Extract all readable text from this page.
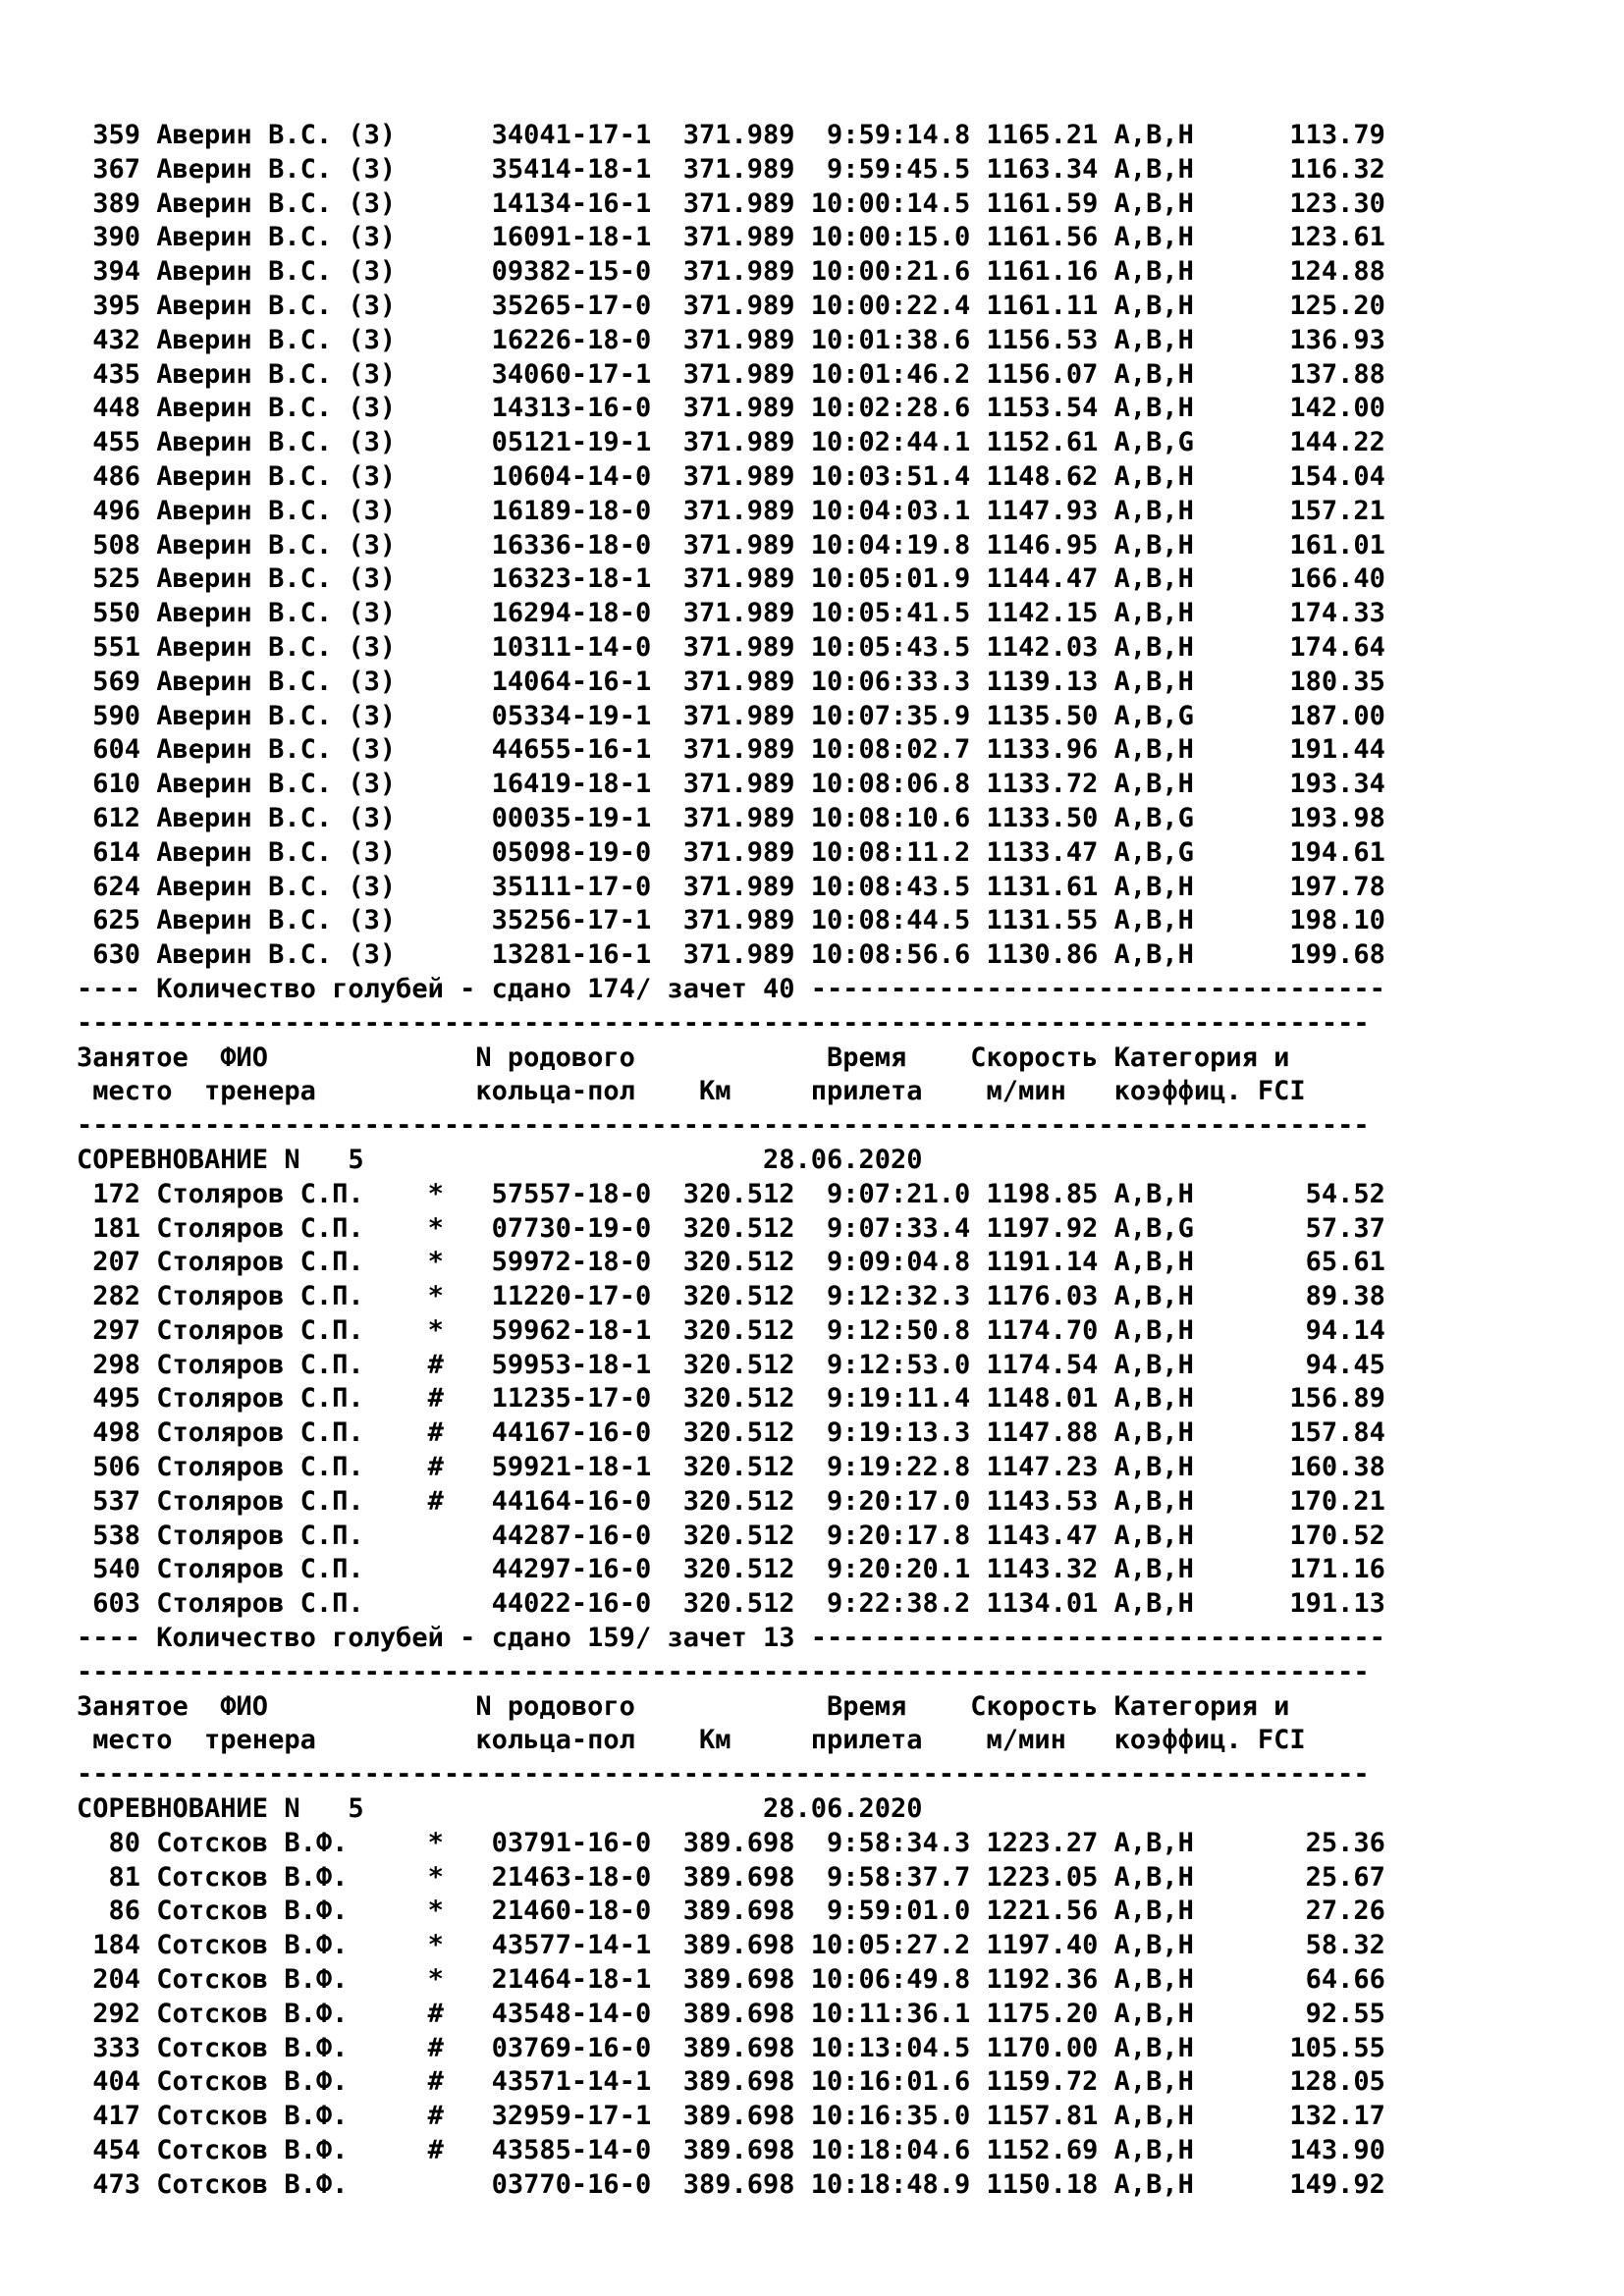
359 Аверин В.С. (З)      34041-17-1  371.989  9:59:14.8 1165.21 A,B,H      113.79
367 Аверин В.С. (З)      35414-18-1  371.989  9:59:45.5 1163.34 A,B,H      116.32
389 Аверин В.С. (З)      14134-16-1  371.989 10:00:14.5 1161.59 A,B,H      123.30
390 Аверин В.С. (З)      16091-18-1  371.989 10:00:15.0 1161.56 A,B,H      123.61
394 Аверин В.С. (З)      09382-15-0  371.989 10:00:21.6 1161.16 A,B,H      124.88
395 Аверин В.С. (З)      35265-17-0  371.989 10:00:22.4 1161.11 A,B,H      125.20
432 Аверин В.С. (З)      16226-18-0  371.989 10:01:38.6 1156.53 A,B,H      136.93
435 Аверин В.С. (З)      34060-17-1  371.989 10:01:46.2 1156.07 A,B,H      137.88
448 Аверин В.С. (З)      14313-16-0  371.989 10:02:28.6 1153.54 A,B,H      142.00
455 Аверин В.С. (З)      05121-19-1  371.989 10:02:44.1 1152.61 A,B,G      144.22
486 Аверин В.С. (З)      10604-14-0  371.989 10:03:51.4 1148.62 A,B,H      154.04
496 Аверин В.С. (З)      16189-18-0  371.989 10:04:03.1 1147.93 A,B,H      157.21
508 Аверин В.С. (З)      16336-18-0  371.989 10:04:19.8 1146.95 A,B,H      161.01
525 Аверин В.С. (З)      16323-18-1  371.989 10:05:01.9 1144.47 A,B,H      166.40
550 Аверин В.С. (З)      16294-18-0  371.989 10:05:41.5 1142.15 A,B,H      174.33
551 Аверин В.С. (З)      10311-14-0  371.989 10:05:43.5 1142.03 A,B,H      174.64
569 Аверин В.С. (З)      14064-16-1  371.989 10:06:33.3 1139.13 A,B,H      180.35
590 Аверин В.С. (З)      05334-19-1  371.989 10:07:35.9 1135.50 A,B,G      187.00
604 Аверин В.С. (З)      44655-16-1  371.989 10:08:02.7 1133.96 A,B,H      191.44
610 Аверин В.С. (З)      16419-18-1  371.989 10:08:06.8 1133.72 A,B,H      193.34
612 Аверин В.С. (З)      00035-19-1  371.989 10:08:10.6 1133.50 A,B,G      193.98
614 Аверин В.С. (З)      05098-19-0  371.989 10:08:11.2 1133.47 A,B,G      194.61
624 Аверин В.С. (З)      35111-17-0  371.989 10:08:43.5 1131.61 A,B,H      197.78
625 Аверин В.С. (З)      35256-17-1  371.989 10:08:44.5 1131.55 A,B,H      198.10
630 Аверин В.С. (З)      13281-16-1  371.989 10:08:56.6 1130.86 A,B,H      199.68
---- Количество голубей - сдано 174/ зачет 40 ------------------------------------
---------------------------------------------------------------------------------
Занятое  ФИО             N родового            Время    Скорость Категория и
место  тренера          кольца-пол    Км     прилета    м/мин   коэффиц. FCI
---------------------------------------------------------------------------------
СОРЕВНОВАНИЕ N   5                         28.06.2020
172 Столяров С.П.    *   57557-18-0  320.512  9:07:21.0 1198.85 A,B,H       54.52
181 Столяров С.П.    *   07730-19-0  320.512  9:07:33.4 1197.92 A,B,G       57.37
207 Столяров С.П.    *   59972-18-0  320.512  9:09:04.8 1191.14 A,B,H       65.61
282 Столяров С.П.    *   11220-17-0  320.512  9:12:32.3 1176.03 A,B,H       89.38
297 Столяров С.П.    *   59962-18-1  320.512  9:12:50.8 1174.70 A,B,H       94.14
298 Столяров С.П.    #   59953-18-1  320.512  9:12:53.0 1174.54 A,B,H       94.45
495 Столяров С.П.    #   11235-17-0  320.512  9:19:11.4 1148.01 A,B,H      156.89
498 Столяров С.П.    #   44167-16-0  320.512  9:19:13.3 1147.88 A,B,H      157.84
506 Столяров С.П.    #   59921-18-1  320.512  9:19:22.8 1147.23 A,B,H      160.38
537 Столяров С.П.    #   44164-16-0  320.512  9:20:17.0 1143.53 A,B,H      170.21
538 Столяров С.П.        44287-16-0  320.512  9:20:17.8 1143.47 A,B,H      170.52
540 Столяров С.П.        44297-16-0  320.512  9:20:20.1 1143.32 A,B,H      171.16
603 Столяров С.П.        44022-16-0  320.512  9:22:38.2 1134.01 A,B,H      191.13
---- Количество голубей - сдано 159/ зачет 13 ------------------------------------
---------------------------------------------------------------------------------
Занятое  ФИО             N родового            Время    Скорость Категория и
место  тренера          кольца-пол    Км     прилета    м/мин   коэффиц. FCI
---------------------------------------------------------------------------------
СОРЕВНОВАНИЕ N   5                         28.06.2020
80 Сотсков В.Ф.     *   03791-16-0  389.698  9:58:34.3 1223.27 A,B,H       25.36
81 Сотсков В.Ф.     *   21463-18-0  389.698  9:58:37.7 1223.05 A,B,H       25.67
86 Сотсков В.Ф.     *   21460-18-0  389.698  9:59:01.0 1221.56 A,B,H       27.26
184 Сотсков В.Ф.     *   43577-14-1  389.698 10:05:27.2 1197.40 A,B,H       58.32
204 Сотсков В.Ф.     *   21464-18-1  389.698 10:06:49.8 1192.36 A,B,H       64.66
292 Сотсков В.Ф.     #   43548-14-0  389.698 10:11:36.1 1175.20 A,B,H       92.55
333 Сотсков В.Ф.     #   03769-16-0  389.698 10:13:04.5 1170.00 A,B,H      105.55
404 Сотсков В.Ф.     #   43571-14-1  389.698 10:16:01.6 1159.72 A,B,H      128.05
417 Сотсков В.Ф.     #   32959-17-1  389.698 10:16:35.0 1157.81 A,B,H      132.17
454 Сотсков В.Ф.     #   43585-14-0  389.698 10:18:04.6 1152.69 A,B,H      143.90
473 Сотсков В.Ф.         03770-16-0  389.698 10:18:48.9 1150.18 A,B,H      149.92
